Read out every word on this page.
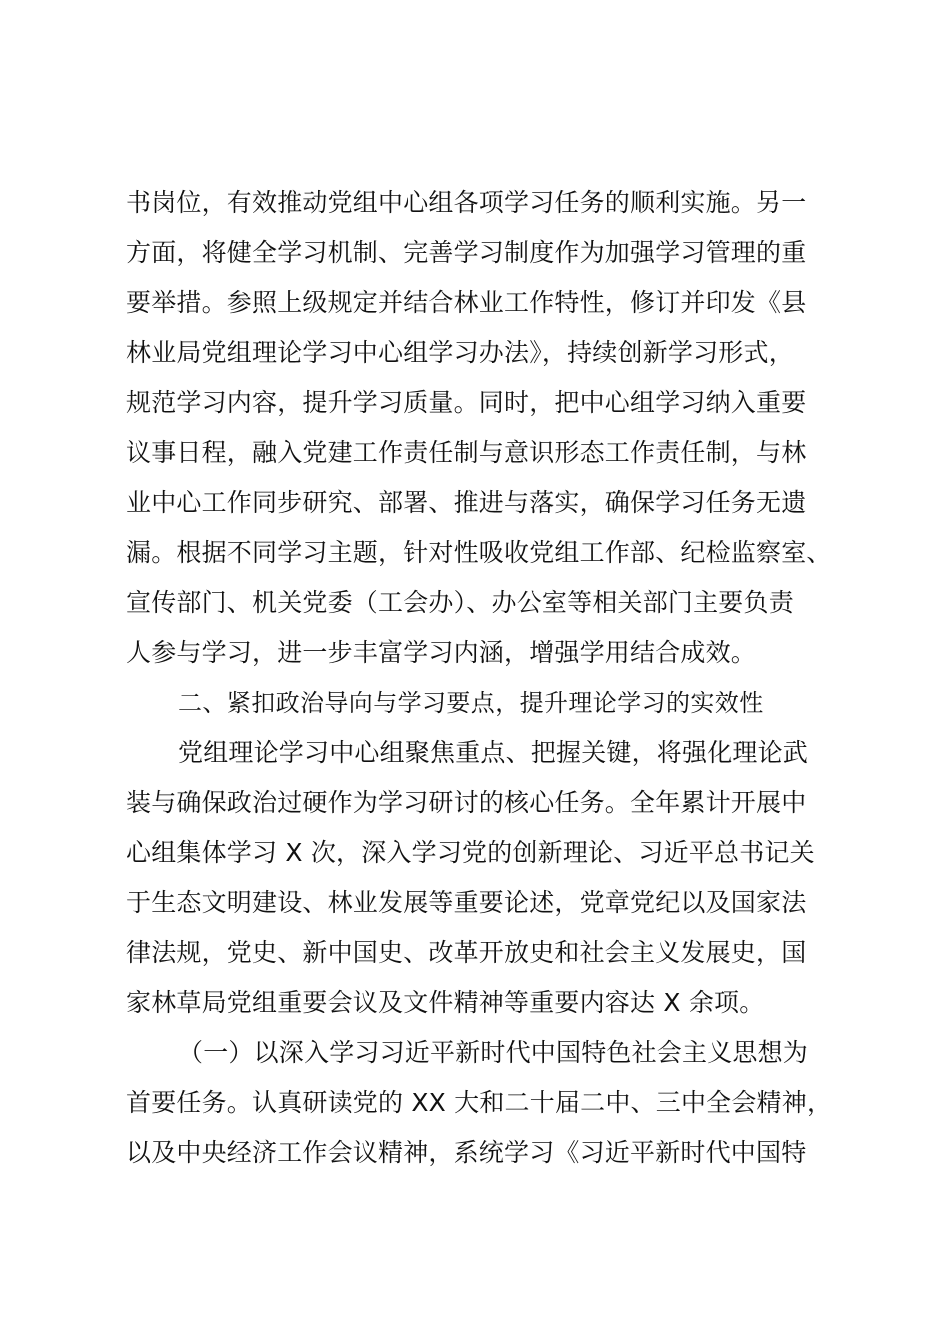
书岗位，有效推动党组中心组各项学习任务的顺利实施。另一
方面，将健全学习机制、完善学习制度作为加强学习管理的重
要举措。参照上级规定并结合林业工作特性，修订并印发《县
林业局党组理论学习中心组学习办法》，持续创新学习形式，
规范学习内容，提升学习质量。同时，把中心组学习纳入重要
议事日程，融入党建工作责任制与意识形态工作责任制，与林
业中心工作同步研究、部署、推进与落实，确保学习任务无遗
漏。根据不同学习主题，针对性吸收党组工作部、纪检监察室、
宣传部门、机关党委（工会办）、办公室等相关部门主要负责
人参与学习，进一步丰富学习内涵，增强学用结合成效。
二、紧扣政治导向与学习要点，提升理论学习的实效性
党组理论学习中心组聚焦重点、把握关键，将强化理论武
装与确保政治过硬作为学习研讨的核心任务。全年累计开展中
心组集体学习 X 次，深入学习党的创新理论、习近平总书记关
于生态文明建设、林业发展等重要论述，党章党纪以及国家法
律法规，党史、新中国史、改革开放史和社会主义发展史，国
家林草局党组重要会议及文件精神等重要内容达 X 余项。
（一）以深入学习习近平新时代中国特色社会主义思想为
首要任务。认真研读党的 XX 大和二十届二中、三中全会精神，
以及中央经济工作会议精神，系统学习《习近平新时代中国特
